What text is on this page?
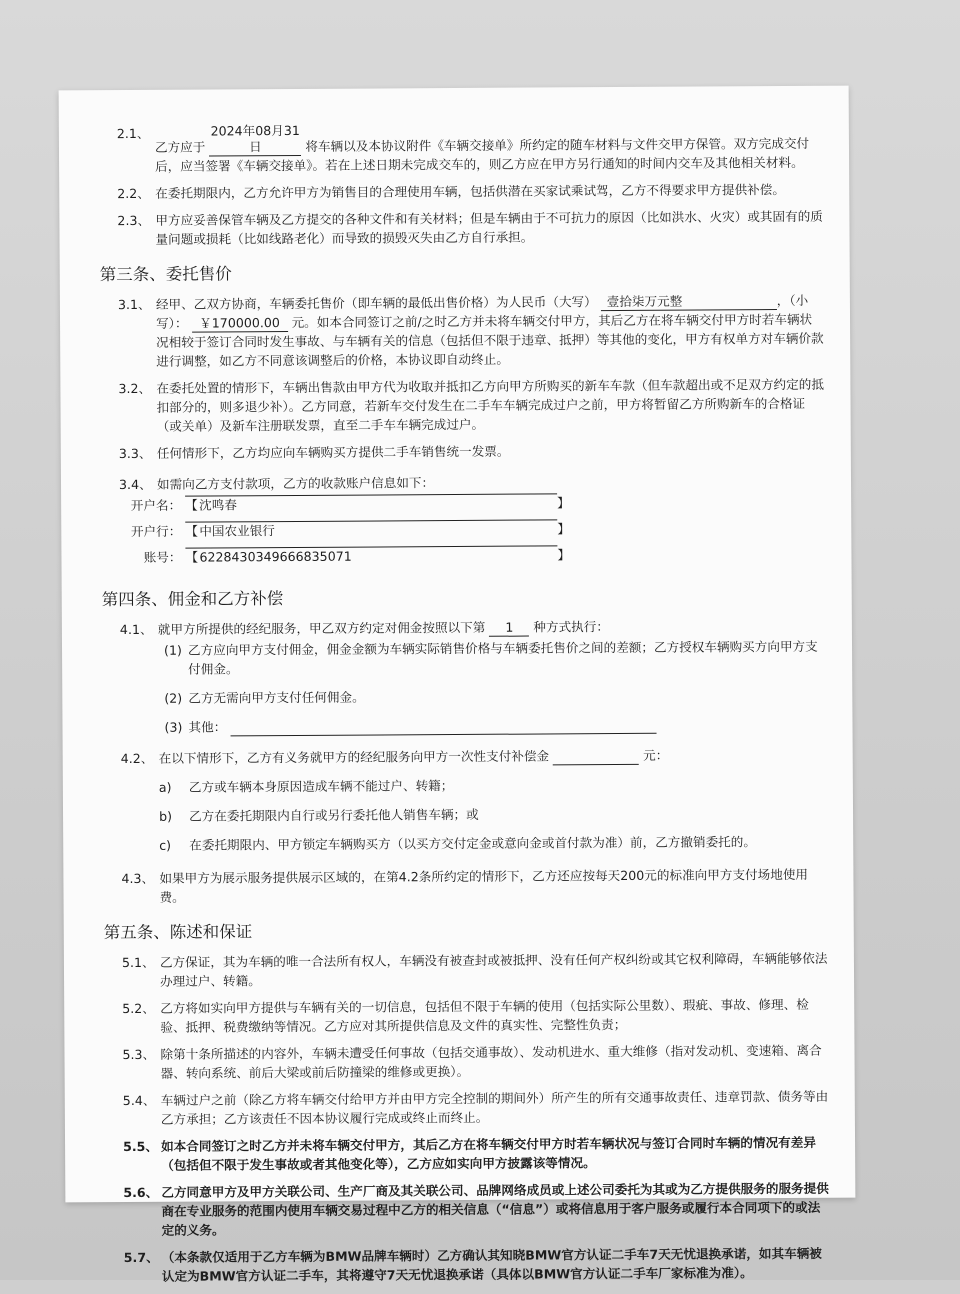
2.1、
乙方应于 2024年08月31日	将车辆以及本协议附件《车辆交接单》所约定的随车材料与文件交甲方保管。双方完成交付后，应当签署《车辆交接单》。若在上述日期未完成交车的，则乙方应在甲方另行通知的时间内交车及其他相关材料。
2.2、 在委托期限内，乙方允许甲方为销售目的合理使用车辆，包括供潜在买家试乘试驾，乙方不得要求甲方提供补偿。
2.3、 甲方应妥善保管车辆及乙方提交的各种文件和有关材料；但是车辆由于不可抗力的原因（比如洪水、火灾）或其固有的质量问题或损耗（比如线路老化）而导致的损毁灭失由乙方自行承担。
第三条、委托售价
3.1、 经甲、乙双方协商，车辆委托售价（即车辆的最低出售价格）为人民币（大写） 壹拾柒万元整	，（小写）： ￥170000.00 元。如本合同签订之前/之时乙方并未将车辆交付甲方，其后乙方在将车辆交付甲方时若车辆状况相较于签订合同时发生事故、与车辆有关的信息（包括但不限于违章、抵押）等其他的变化，甲方有权单方对车辆价款进行调整，如乙方不同意该调整后的价格，本协议即自动终止。
3.2、 在委托处置的情形下，车辆出售款由甲方代为收取并抵扣乙方向甲方所购买的新车车款（但车款超出或不足双方约定的抵扣部分的，则多退少补）。乙方同意，若新车交付发生在二手车车辆完成过户之前，甲方将暂留乙方所购新车的合格证（或关单）及新车注册联发票，直至二手车车辆完成过户。
3.3、 任何情形下，乙方均应向车辆购买方提供二手车销售统一发票。
3.4、 如需向乙方支付款项，乙方的收款账户信息如下：
开户名： 【 沈鸣春	】
开户行： 【 中国农业银行	】
账号： 【 6228430349666835071	】
第四条、佣金和乙方补偿
4.1、 就甲方所提供的经纪服务，甲乙双方约定对佣金按照以下第 1 种方式执行：
(1) 乙方应向甲方支付佣金，佣金金额为车辆实际销售价格与车辆委托售价之间的差额；乙方授权车辆购买方向甲方支付佣金。
(2) 乙方无需向甲方支付任何佣金。
(3) 其他：
4.2、 在以下情形下，乙方有义务就甲方的经纪服务向甲方一次性支付补偿金	元：
a) 乙方或车辆本身原因造成车辆不能过户、转籍；
b) 乙方在委托期限内自行或另行委托他人销售车辆；或
c) 在委托期限内、甲方锁定车辆购买方（以买方交付定金或意向金或首付款为准）前，乙方撤销委托的。
4.3、 如果甲方为展示服务提供展示区域的，在第4.2条所约定的情形下，乙方还应按每天200元的标准向甲方支付场地使用费。
第五条、陈述和保证
5.1、 乙方保证，其为车辆的唯一合法所有权人，车辆没有被查封或被抵押、没有任何产权纠纷或其它权利障碍，车辆能够依法办理过户、转籍。
5.2、 乙方将如实向甲方提供与车辆有关的一切信息，包括但不限于车辆的使用（包括实际公里数）、瑕疵、事故、修理、检验、抵押、税费缴纳等情况。乙方应对其所提供信息及文件的真实性、完整性负责；
5.3、 除第十条所描述的内容外，车辆未遭受任何事故（包括交通事故）、发动机进水、重大维修（指对发动机、变速箱、离合器、转向系统、前后大梁或前后防撞梁的维修或更换）。
5.4、 车辆过户之前（除乙方将车辆交付给甲方并由甲方完全控制的期间外）所产生的所有交通事故责任、违章罚款、债务等由乙方承担；乙方该责任不因本协议履行完成或终止而终止。
5.5、 如本合同签订之时乙方并未将车辆交付甲方，其后乙方在将车辆交付甲方时若车辆状况与签订合同时车辆的情况有差异（包括但不限于发生事故或者其他变化等），乙方应如实向甲方披露该等情况。
5.6、 乙方同意甲方及甲方关联公司、生产厂商及其关联公司、品牌网络成员或上述公司委托为其或为乙方提供服务的服务提供商在专业服务的范围内使用车辆交易过程中乙方的相关信息（“信息”）或将信息用于客户服务或履行本合同项下的或法定的义务。
5.7、 （本条款仅适用于乙方车辆为BMW品牌车辆时）乙方确认其知晓BMW官方认证二手车7天无忧退换承诺，如其车辆被认定为BMW官方认证二手车，其将遵守7天无忧退换承诺（具体以BMW官方认证二手车厂家标准为准）。
